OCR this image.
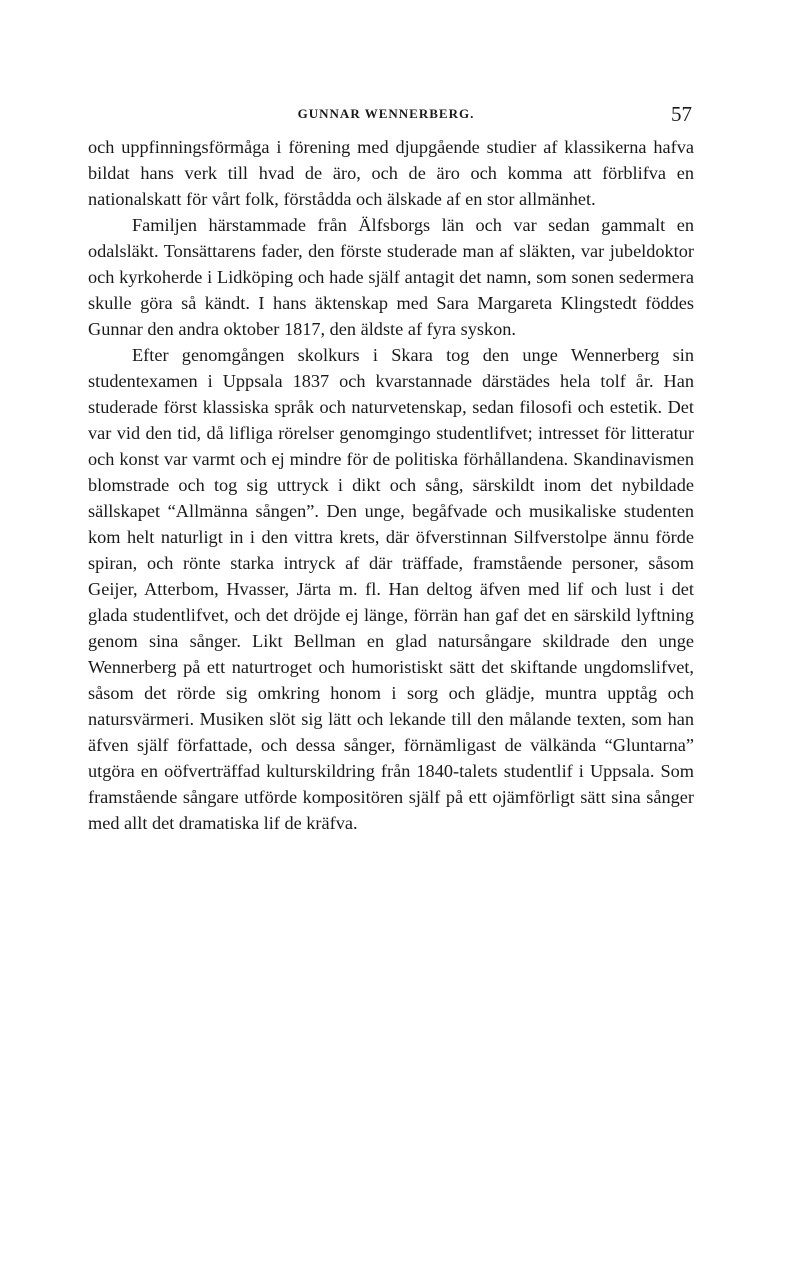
GUNNAR WENNERBERG.	57

och uppfinningsförmåga i förening med djupgående studier af klassikerna hafva bildat hans verk till hvad de äro, och de äro och komma att förblifva en nationalskatt för vårt folk, förstådda och älskade af en stor allmänhet.

Familjen härstammade från Älfsborgs län och var sedan gammalt en odalsläkt. Tonsättarens fader, den förste studerade man af släkten, var jubeldoktor och kyrkoherde i Lidköping och hade själf antagit det namn, som sonen sedermera skulle göra så kändt. I hans äktenskap med Sara Margareta Klingstedt föddes Gunnar den andra oktober 1817, den äldste af fyra syskon.

Efter genomgången skolkurs i Skara tog den unge Wennerberg sin studentexamen i Uppsala 1837 och kvarstannade därstädes hela tolf år. Han studerade först klassiska språk och naturvetenskap, sedan filosofi och estetik. Det var vid den tid, då lifliga rörelser genomgingo studentlifvet; intresset för litteratur och konst var varmt och ej mindre för de politiska förhållandena. Skandinavismen blomstrade och tog sig uttryck i dikt och sång, särskildt inom det nybildade sällskapet “Allmänna sången”. Den unge, begåfvade och musikaliske studenten kom helt naturligt in i den vittra krets, där öfverstinnan Silfverstolpe ännu förde spiran, och rönte starka intryck af där träffade, framstående personer, såsom Geijer, Atterbom, Hvasser, Järta m. fl. Han deltog äfven med lif och lust i det glada studentlifvet, och det dröjde ej länge, förrän han gaf det en särskild lyftning genom sina sånger. Likt Bellman en glad natursångare skildrade den unge Wennerberg på ett naturtroget och humoristiskt sätt det skiftande ungdomslifvet, såsom det rörde sig omkring honom i sorg och glädje, muntra upptåg och natursvärmeri. Musiken slöt sig lätt och lekande till den målande texten, som han äfven själf författade, och dessa sånger, förnämligast de välkända “Gluntarna” utgöra en oöfverträffad kulturskildring från 1840-talets studentlif i Uppsala. Som framstående sångare utförde kompositören själf på ett ojämförligt sätt sina sånger med allt det dramatiska lif de kräfva.
